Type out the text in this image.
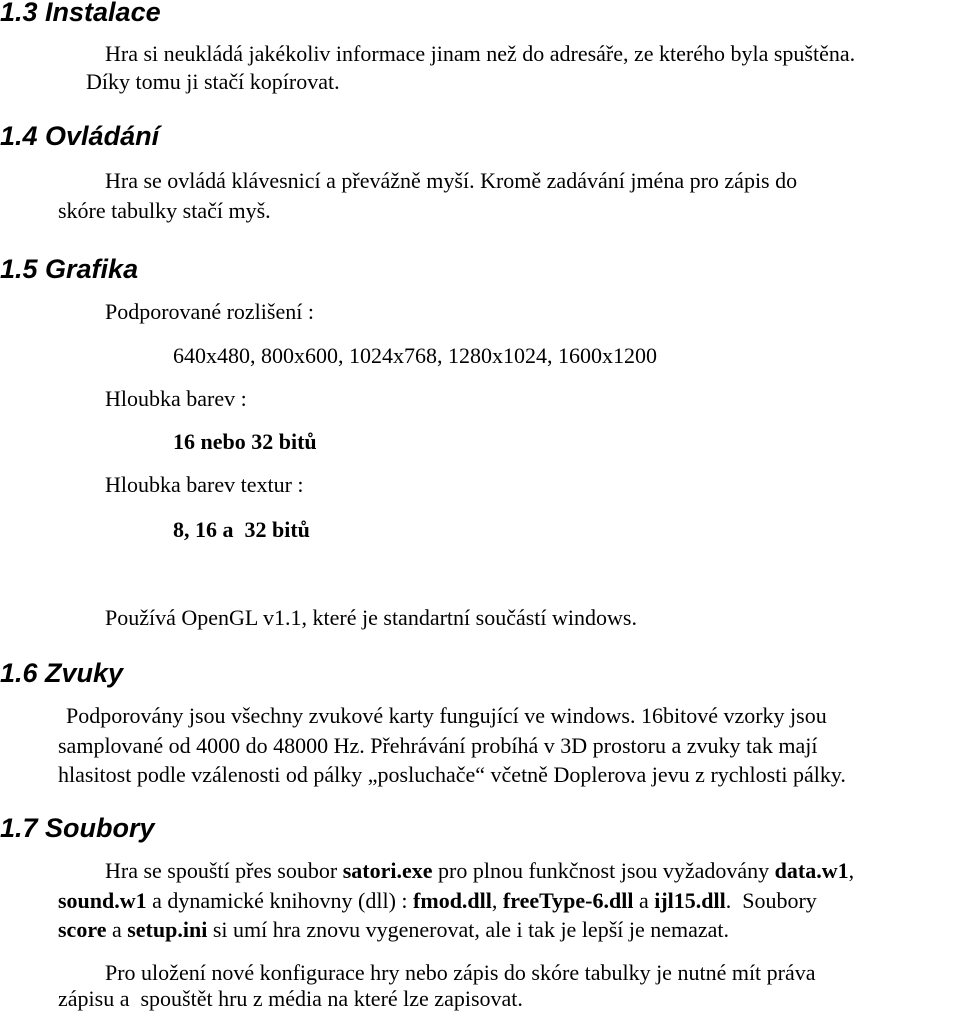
1.3 Instalace
Hra si neukládá jakékoliv informace jinam než do adresáře, ze kterého byla spuštěna.
Díky tomu ji stačí kopírovat.
1.4 Ovládání
Hra se ovládá klávesnicí a převážně myší. Kromě zadávání jména pro zápis do
skóre tabulky stačí myš.
1.5 Grafika
Podporované rozlišení :
640x480, 800x600, 1024x768, 1280x1024, 1600x1200
Hloubka barev :
16 nebo 32 bitů
Hloubka barev textur :
8, 16 a  32 bitů
Používá OpenGL v1.1, které je standartní součástí windows.
1.6 Zvuky
Podporovány jsou všechny zvukové karty fungující ve windows. 16bitové vzorky jsou
samplované od 4000 do 48000 Hz. Přehrávání probíhá v 3D prostoru a zvuky tak mají
hlasitost podle vzálenosti od pálky „posluchače“ včetně Doplerova jevu z rychlosti pálky.
1.7 Soubory
Hra se spouští přes soubor satori.exe pro plnou funkčnost jsou vyžadovány data.w1,
sound.w1 a dynamické knihovny (dll) : fmod.dll, freeType-6.dll a ijl15.dll.  Soubory
score a setup.ini si umí hra znovu vygenerovat, ale i tak je lepší je nemazat.
Pro uložení nové konfigurace hry nebo zápis do skóre tabulky je nutné mít práva
zápisu a  spouštět hru z média na které lze zapisovat.
